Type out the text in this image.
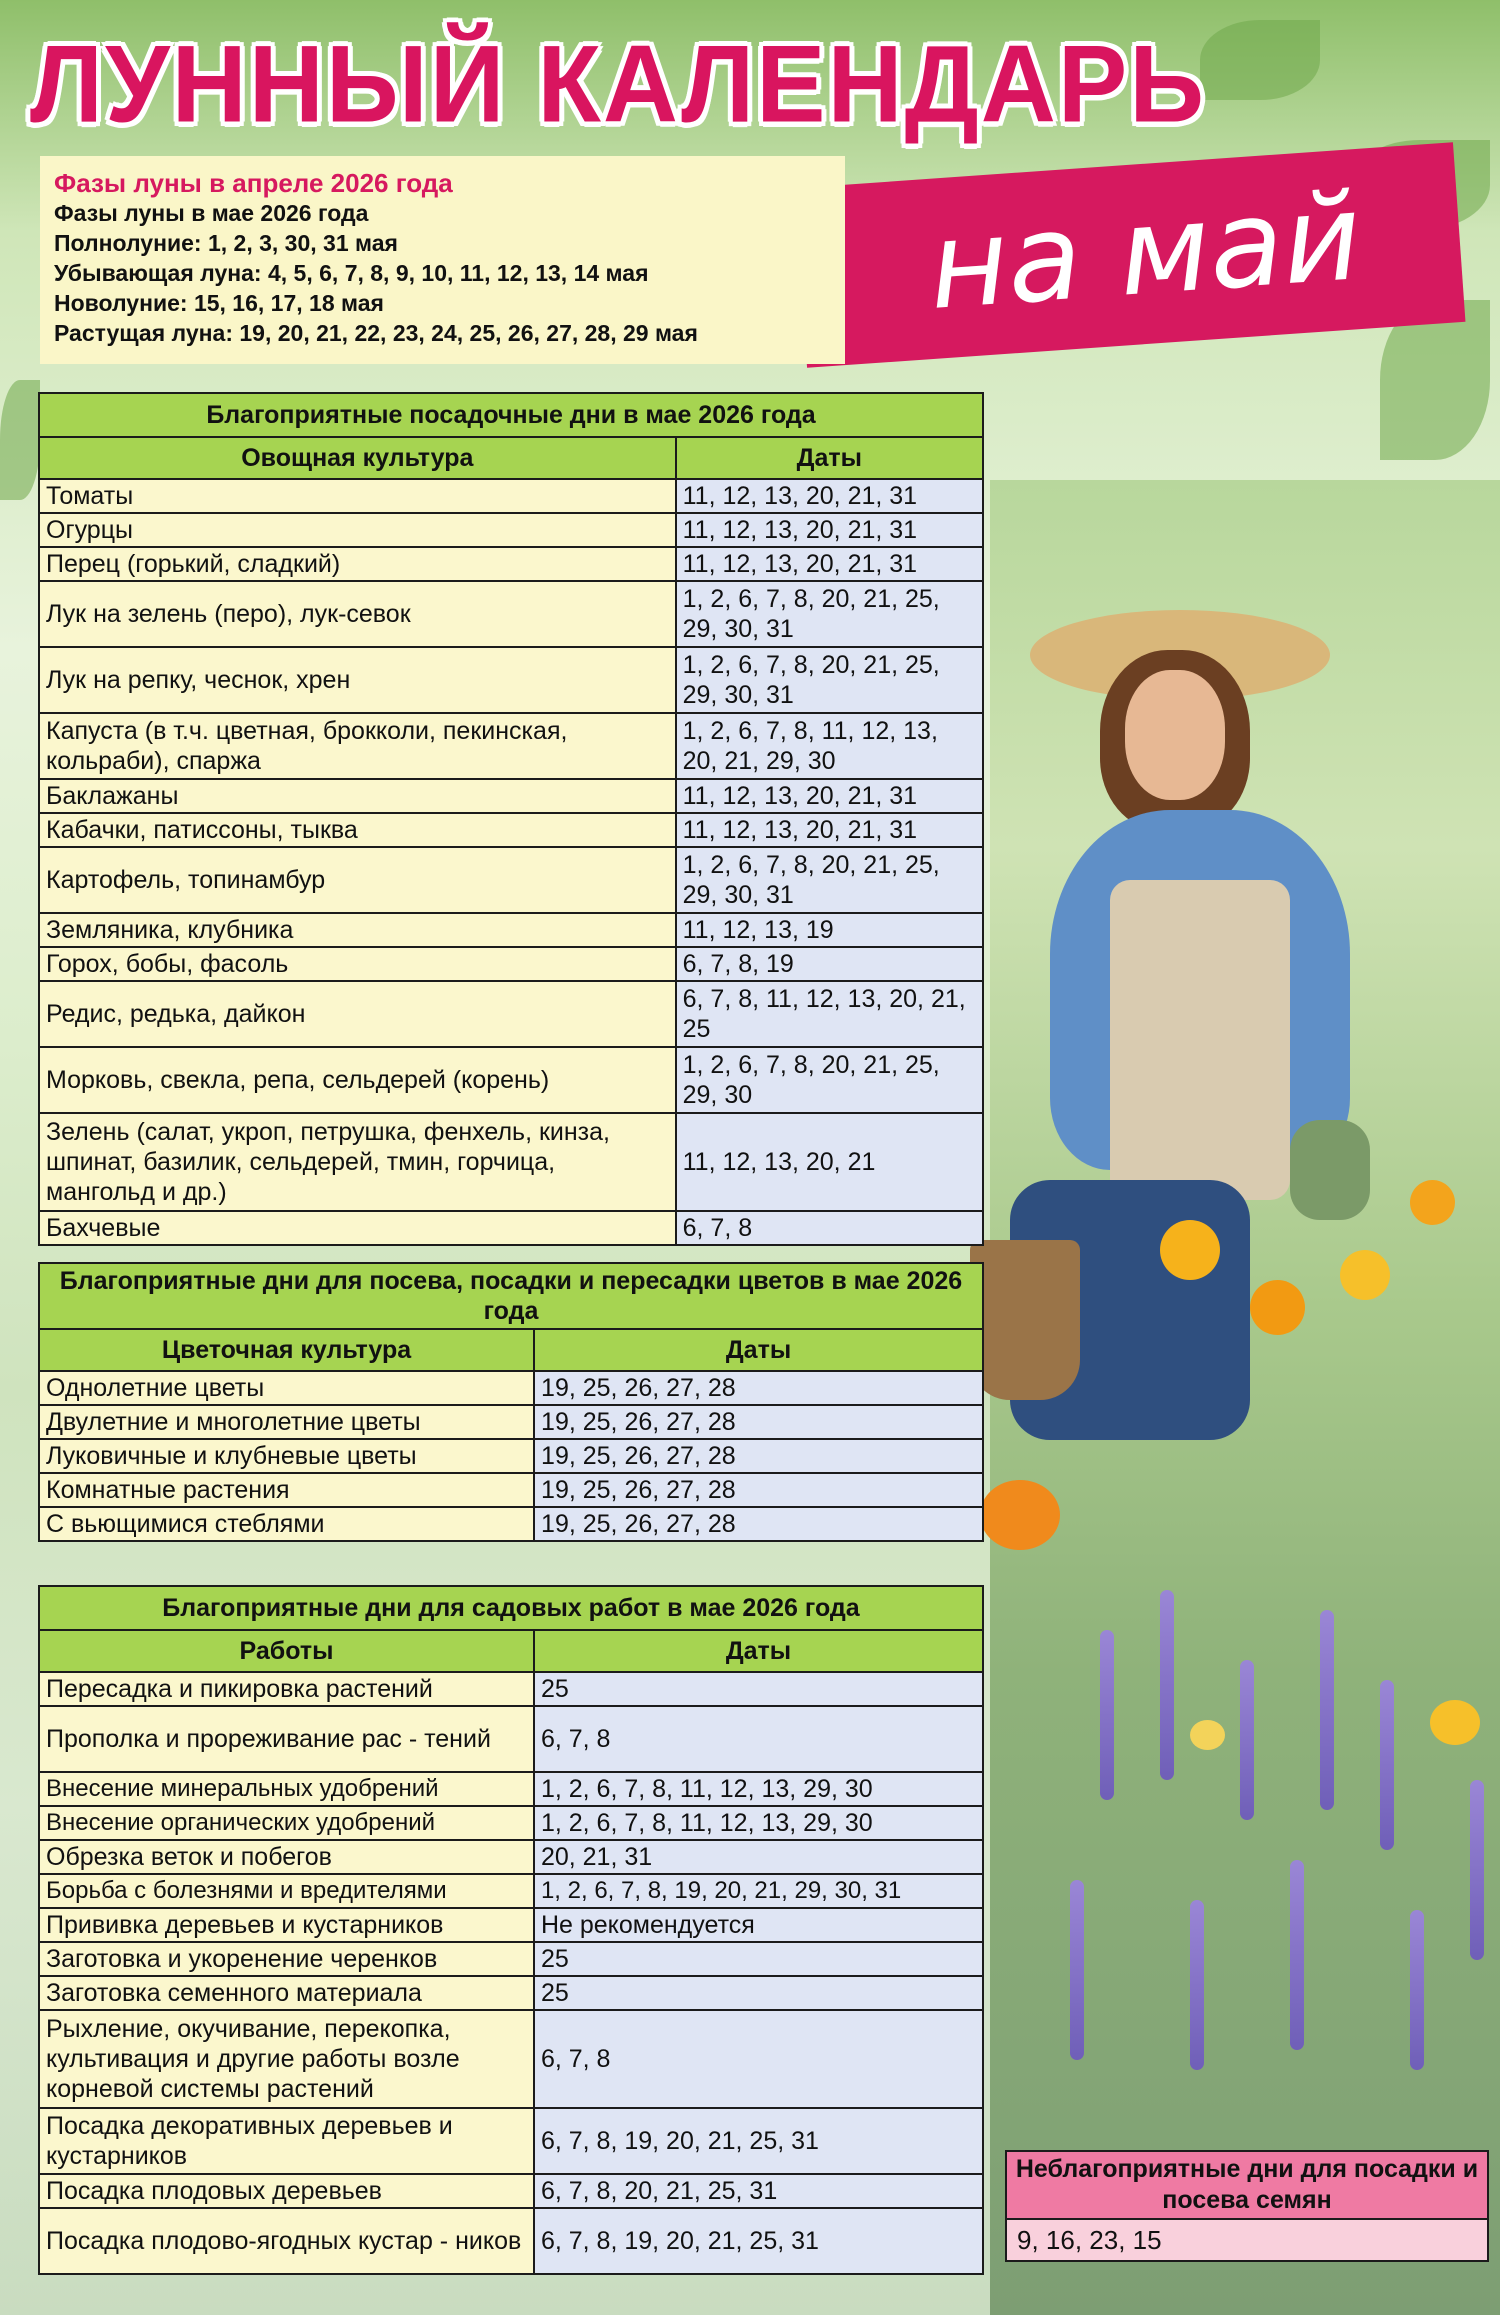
ЛУННЫЙ КАЛЕНДАРЬ
на май
Фазы луны в апреле 2026 года
Фазы луны в мае 2026 года
Полнолуние: 1, 2, 3, 30, 31 мая
Убывающая луна: 4, 5, 6, 7, 8, 9, 10, 11, 12, 13, 14 мая
Новолуние: 15, 16, 17, 18 мая
Растущая луна: 19, 20, 21, 22, 23, 24, 25, 26, 27, 28, 29 мая
Благоприятные посадочные дни в мае 2026 года	
Овощная культура	Даты
Томаты	11, 12, 13, 20, 21, 31
Огурцы	11, 12, 13, 20, 21, 31
Перец (горький, сладкий)	11, 12, 13, 20, 21, 31
Лук на зелень (перо), лук-севок	1, 2, 6, 7, 8, 20, 21, 25, 29, 30, 31
Лук на репку, чеснок, хрен	1, 2, 6, 7, 8, 20, 21, 25, 29, 30, 31
Капуста (в т.ч. цветная, брокколи, пекинская, кольраби), спаржа	1, 2, 6, 7, 8, 11, 12, 13, 20, 21, 29, 30
Баклажаны	11, 12, 13, 20, 21, 31
Кабачки, патиссоны, тыква	11, 12, 13, 20, 21, 31
Картофель, топинамбур	1, 2, 6, 7, 8, 20, 21, 25, 29, 30, 31
Земляника, клубника	11, 12, 13, 19
Горох, бобы, фасоль	6, 7, 8, 19
Редис, редька, дайкон	6, 7, 8, 11, 12, 13, 20, 21, 25
Морковь, свекла, репа, сельдерей (корень)	1, 2, 6, 7, 8, 20, 21, 25, 29, 30
Зелень (салат, укроп, петрушка, фенхель, кинза, шпинат, базилик, сельдерей, тмин, горчица, мангольд и др.)	11, 12, 13, 20, 21
Бахчевые	6, 7, 8
Благоприятные дни для посева, посадки и пересадки цветов в мае 2026 года	
Цветочная культура	Даты
Однолетние цветы	19, 25, 26, 27, 28
Двулетние и многолетние цветы	19, 25, 26, 27, 28
Луковичные и клубневые цветы	19, 25, 26, 27, 28
Комнатные растения	19, 25, 26, 27, 28
С вьющимися стеблями	19, 25, 26, 27, 28
Благоприятные дни для садовых работ в мае 2026 года	
Работы	Даты
Пересадка и пикировка растений	25
Прополка и прореживание рас - тений	6, 7, 8
Внесение минеральных удобрений	1, 2, 6, 7, 8, 11, 12, 13, 29, 30
Внесение органических удобрений	1, 2, 6, 7, 8, 11, 12, 13, 29, 30
Обрезка веток и побегов	20, 21, 31
Борьба с болезнями и вредителями	1, 2, 6, 7, 8, 19, 20, 21, 29, 30, 31
Прививка деревьев и кустарников	Не рекомендуется
Заготовка и укоренение черенков	25
Заготовка семенного материала	25
Рыхление, окучивание, перекопка, культивация и другие работы возле корневой системы растений	6, 7, 8
Посадка декоративных деревьев и кустарников	6, 7, 8, 19, 20, 21, 25, 31
Посадка плодовых деревьев	6, 7, 8, 20, 21, 25, 31
Посадка плодово-ягодных кустар - ников	6, 7, 8, 19, 20, 21, 25, 31
Неблагоприятные дни для посадки и посева семян
9, 16, 23, 15
